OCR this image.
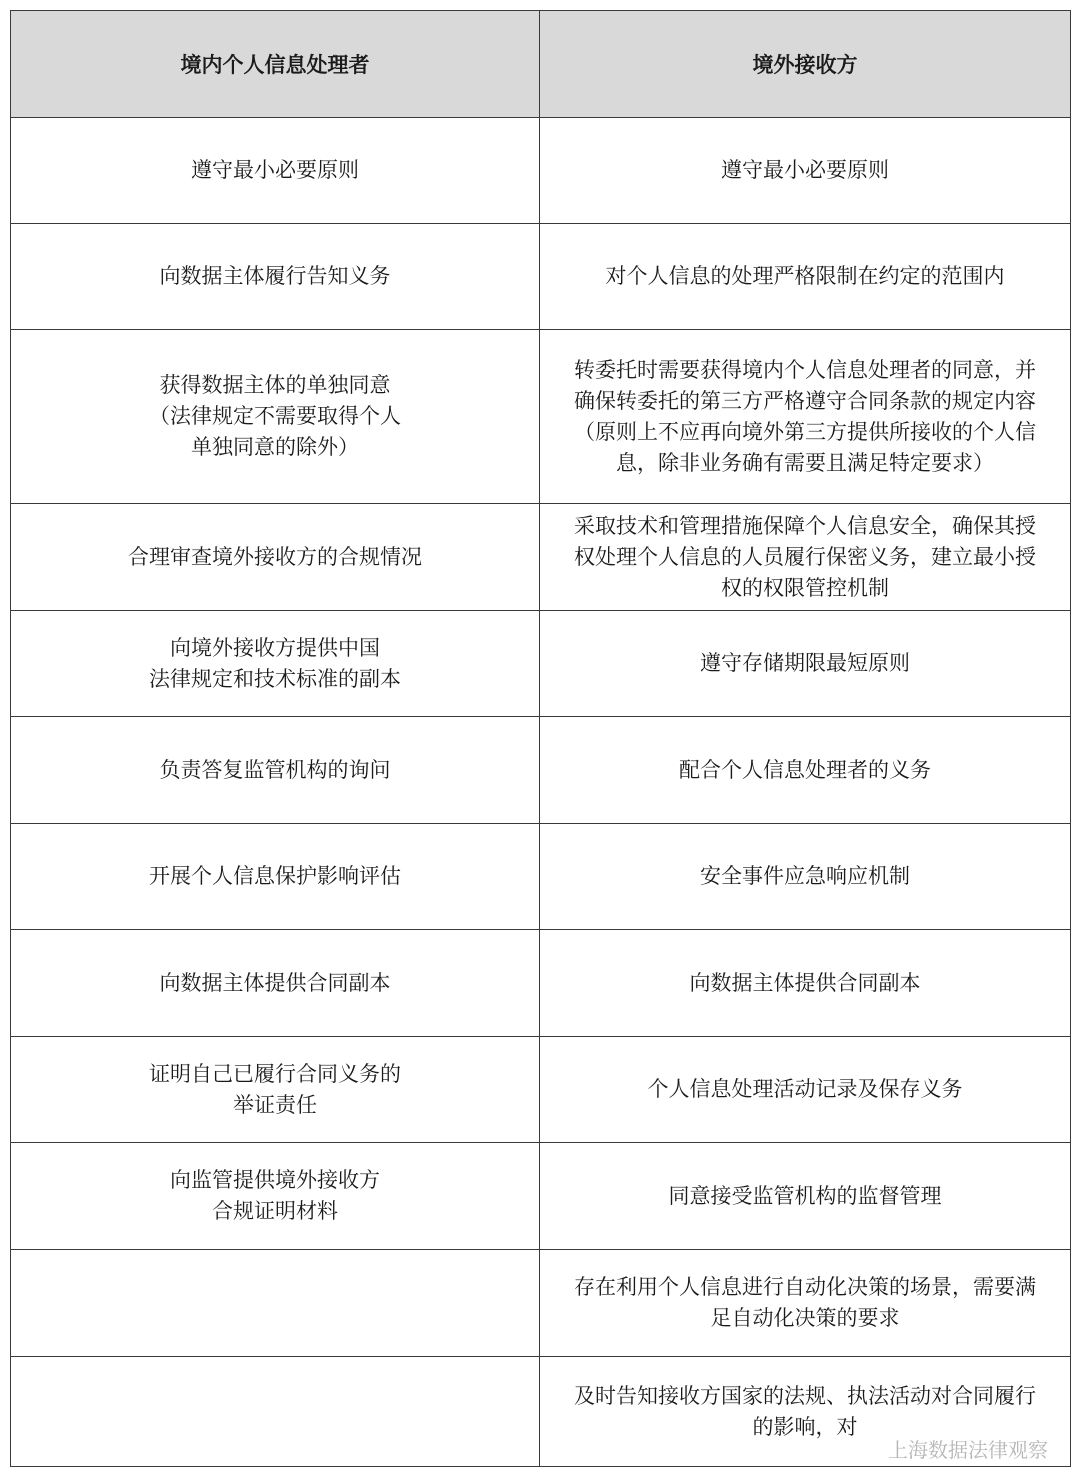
境内个人信息处理者	境外接收方

遵守最小必要原则	遵守最小必要原则

向数据主体履行告知义务	对个人信息的处理严格限制在约定的范围内

获得数据主体的单独同意
（法律规定不需要取得个人
单独同意的除外）	转委托时需要获得境内个人信息处理者的同意，并
确保转委托的第三方严格遵守合同条款的规定内容
（原则上不应再向境外第三方提供所接收的个人信
息，除非业务确有需要且满足特定要求）

合理审查境外接收方的合规情况	采取技术和管理措施保障个人信息安全，确保其授
权处理个人信息的人员履行保密义务，建立最小授
权的权限管控机制

向境外接收方提供中国
法律规定和技术标准的副本	遵守存储期限最短原则

负责答复监管机构的询问	配合个人信息处理者的义务

开展个人信息保护影响评估	安全事件应急响应机制

向数据主体提供合同副本	向数据主体提供合同副本

证明自己已履行合同义务的
举证责任	个人信息处理活动记录及保存义务

向监管提供境外接收方
合规证明材料	同意接受监管机构的监督管理

	存在利用个人信息进行自动化决策的场景，需要满
足自动化决策的要求

	及时告知接收方国家的法规、执法活动对合同履行
的影响，对
上海数据法律观察
